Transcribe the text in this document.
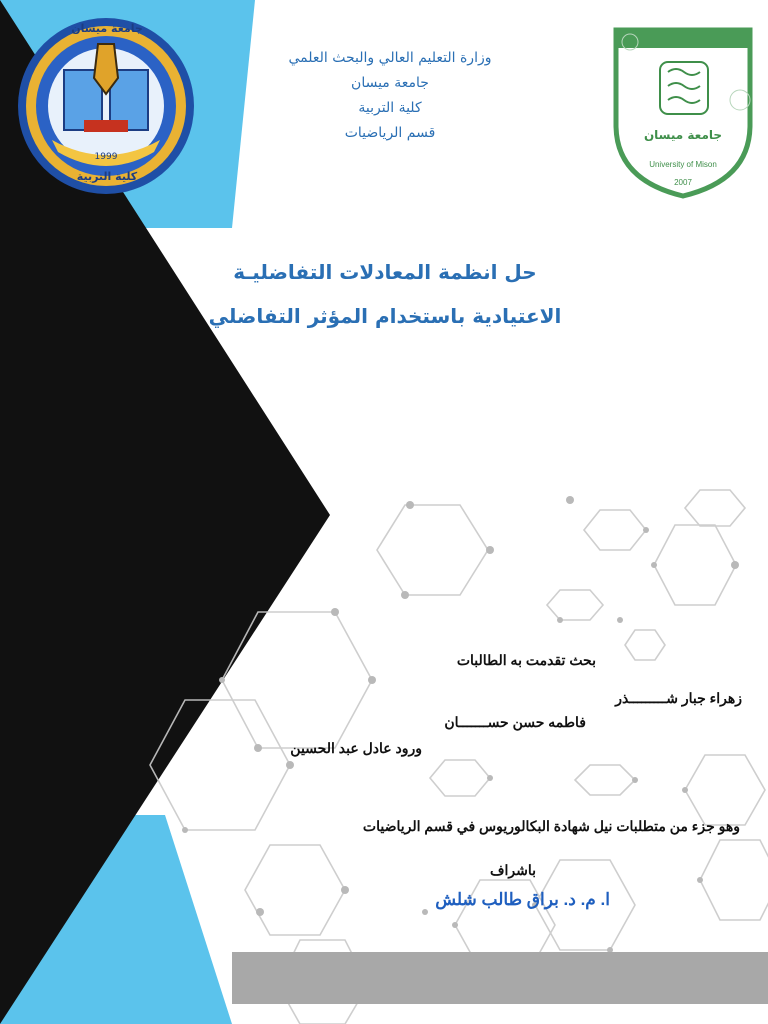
جامعة ميسان
1999
كلية التربية
جامعة ميسان
University of Mison
2007
وزارة التعليم العالي والبحث العلمي
جامعة ميسان
كلية التربية
قسم الرياضيات
حل انظمة المعادلات التفاضليـة
الاعتيادية باستخدام المؤثر التفاضلي
بحث تقدمت به الطالبات
زهراء جبار شـــــــــذر
فاطمه حسن حســـــــان
ورود عادل عبد الحسين
وهو جزء من متطلبات نيل شهادة البكالوريوس في قسم الرياضيات
باشراف
ا. م. د. براق طالب شلش
